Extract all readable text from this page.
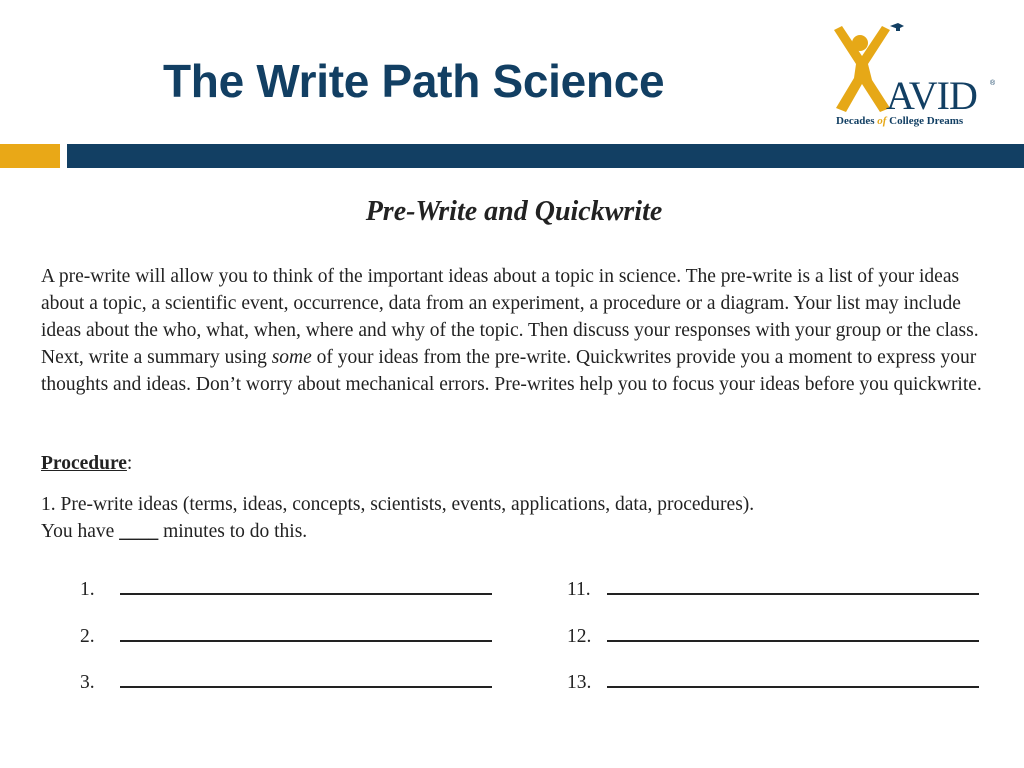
The Write Path Science	AVID ®
Decades of College Dreams
Pre-Write and Quickwrite
A pre-write will allow you to think of the important ideas about a topic in science. The pre-write is a list of your ideas about a topic, a scientific event, occurrence, data from an experiment, a procedure or a diagram. Your list may include ideas about the who, what, when, where and why of the topic. Then discuss your responses with your group or the class. Next, write a summary using some of your ideas from the pre-write. Quickwrites provide you a moment to express your thoughts and ideas. Don’t worry about mechanical errors. Pre-writes help you to focus your ideas before you quickwrite.
Procedure:
1. Pre-write ideas (terms, ideas, concepts, scientists, events, applications, data, procedures).
You have ____ minutes to do this.
1.
2.
3.
11.
12.
13.
